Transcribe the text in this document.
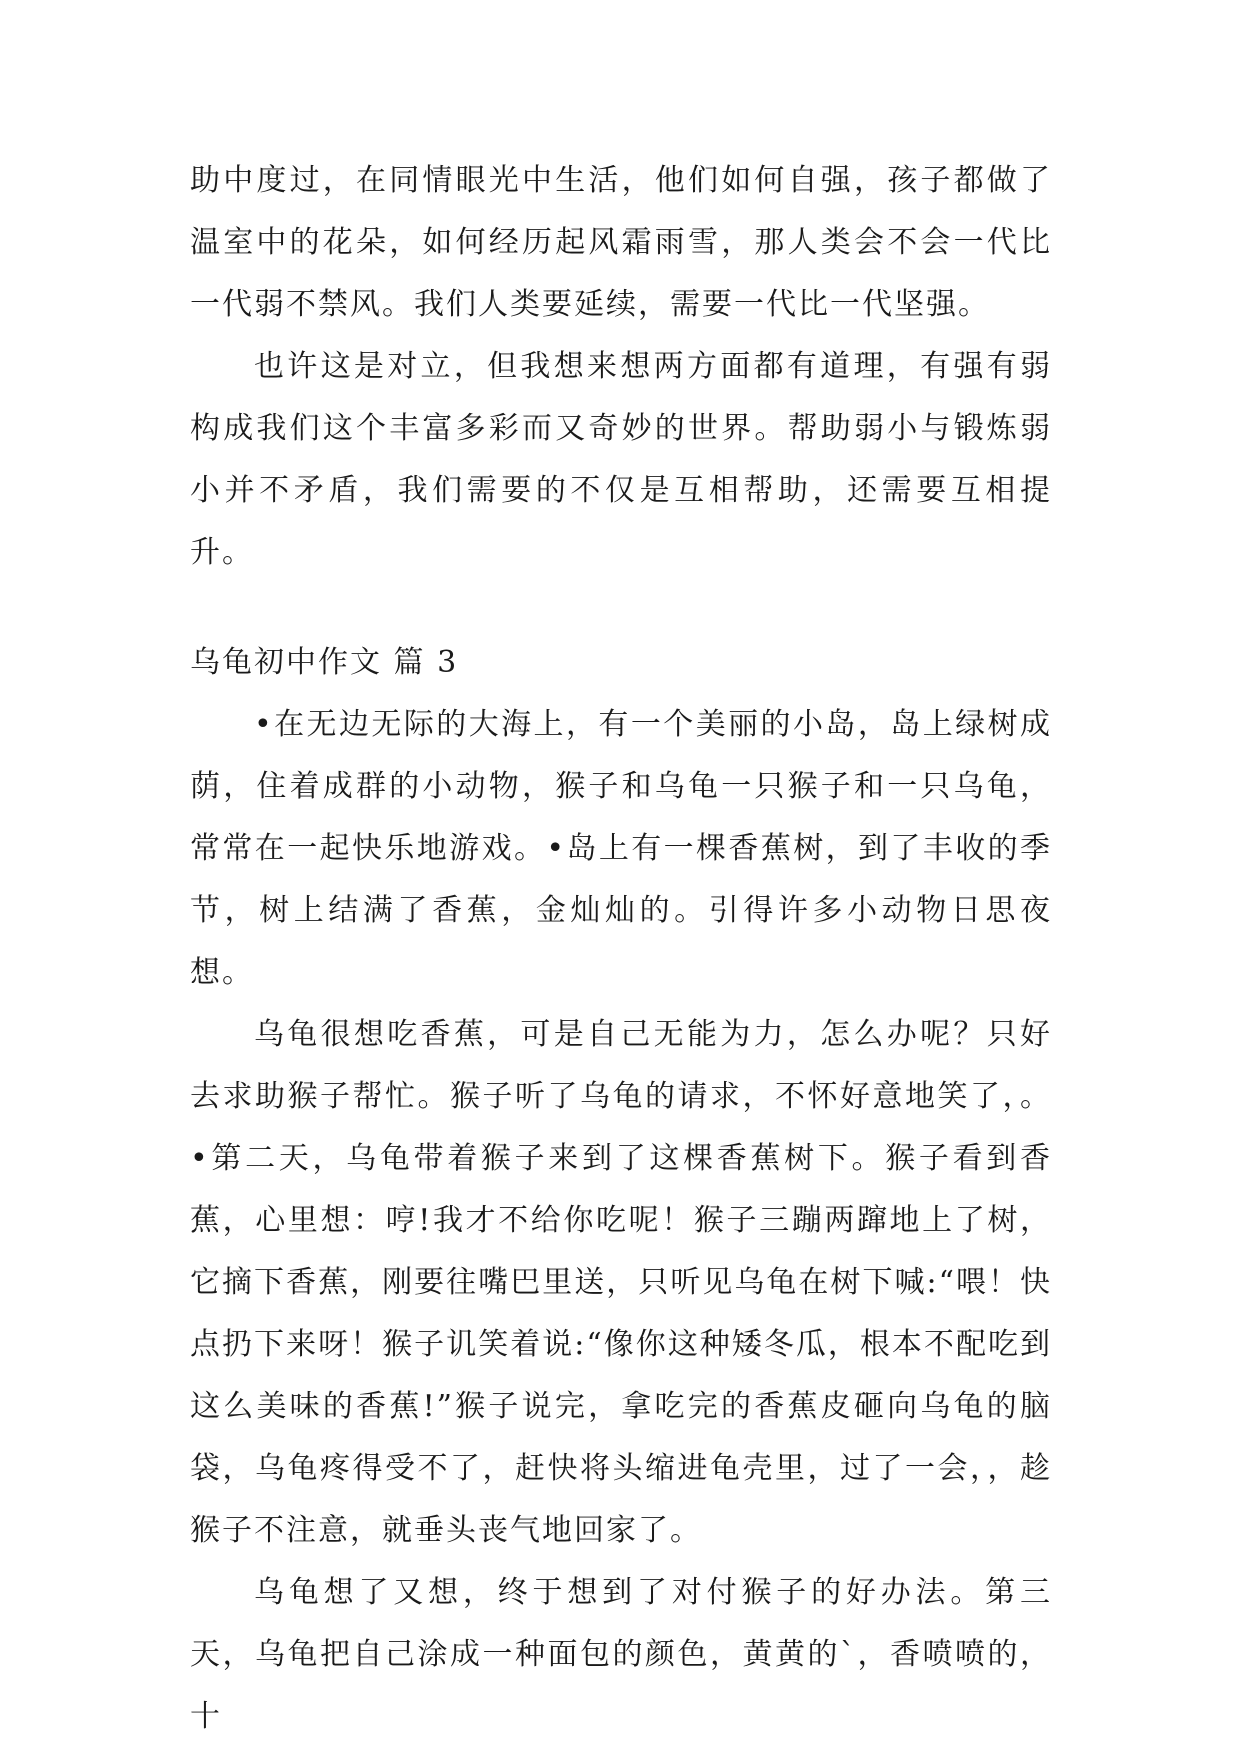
助中度过，在同情眼光中生活，他们如何自强，孩子都做了温室中的花朵，如何经历起风霜雨雪，那人类会不会一代比一代弱不禁风。我们人类要延续，需要一代比一代坚强。

也许这是对立，但我想来想两方面都有道理，有强有弱构成我们这个丰富多彩而又奇妙的世界。帮助弱小与锻炼弱小并不矛盾，我们需要的不仅是互相帮助，还需要互相提升。

乌龟初中作文 篇 3

•在无边无际的大海上，有一个美丽的小岛，岛上绿树成荫，住着成群的小动物，猴子和乌龟一只猴子和一只乌龟，常常在一起快乐地游戏。•岛上有一棵香蕉树，到了丰收的季节，树上结满了香蕉，金灿灿的。引得许多小动物日思夜想。

乌龟很想吃香蕉，可是自己无能为力，怎么办呢？只好去求助猴子帮忙。猴子听了乌龟的请求，不怀好意地笑了，。•第二天，乌龟带着猴子来到了这棵香蕉树下。猴子看到香蕉，心里想：哼!我才不给你吃呢！猴子三蹦两蹿地上了树，它摘下香蕉，刚要往嘴巴里送，只听见乌龟在树下喊:“喂！快点扔下来呀！猴子讥笑着说:“像你这种矮冬瓜，根本不配吃到这么美味的香蕉!”猴子说完，拿吃完的香蕉皮砸向乌龟的脑袋，乌龟疼得受不了，赶快将头缩进龟壳里，过了一会，，趁猴子不注意，就垂头丧气地回家了。

乌龟想了又想，终于想到了对付猴子的好办法。第三天，乌龟把自己涂成一种面包的颜色，黄黄的`，香喷喷的，十
